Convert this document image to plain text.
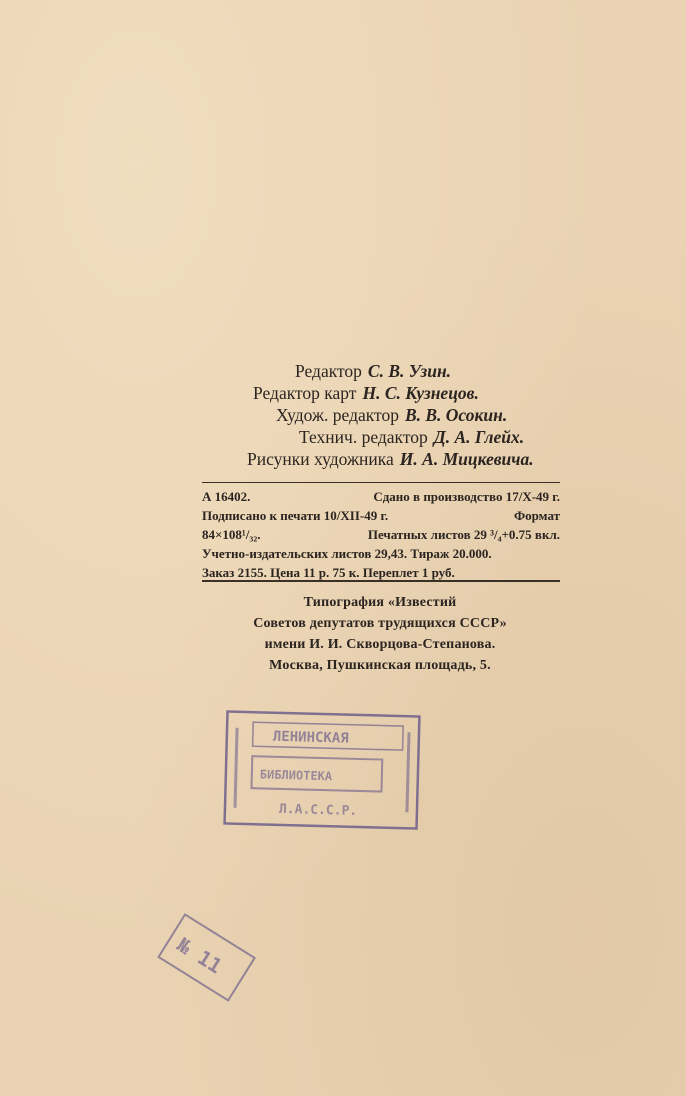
Редактор С. В. Узин.
Редактор карт Н. С. Кузнецов.
Худож. редактор В. В. Осокин.
Технич. редактор Д. А. Глейх.
Рисунки художника И. А. Мицкевича.
А 16402.	Сдано в производство 17/X-49 г.
Подписано к печати 10/XII-49 г.	Формат
84×108¹/₃₂.	Печатных листов 29 ³/₄+0.75 вкл.
Учетно-издательских листов 29,43. Тираж 20.000.
Заказ 2155. Цена 11 р. 75 к. Переплет 1 руб.
Типография «Известий
Советов депутатов трудящихся СССР»
имени И. И. Скворцова-Степанова.
Москва, Пушкинская площадь, 5.
ЛЕНИНСКАЯ
БИБЛИОТЕКА
Л.А.С.С.Р.
№ 11
